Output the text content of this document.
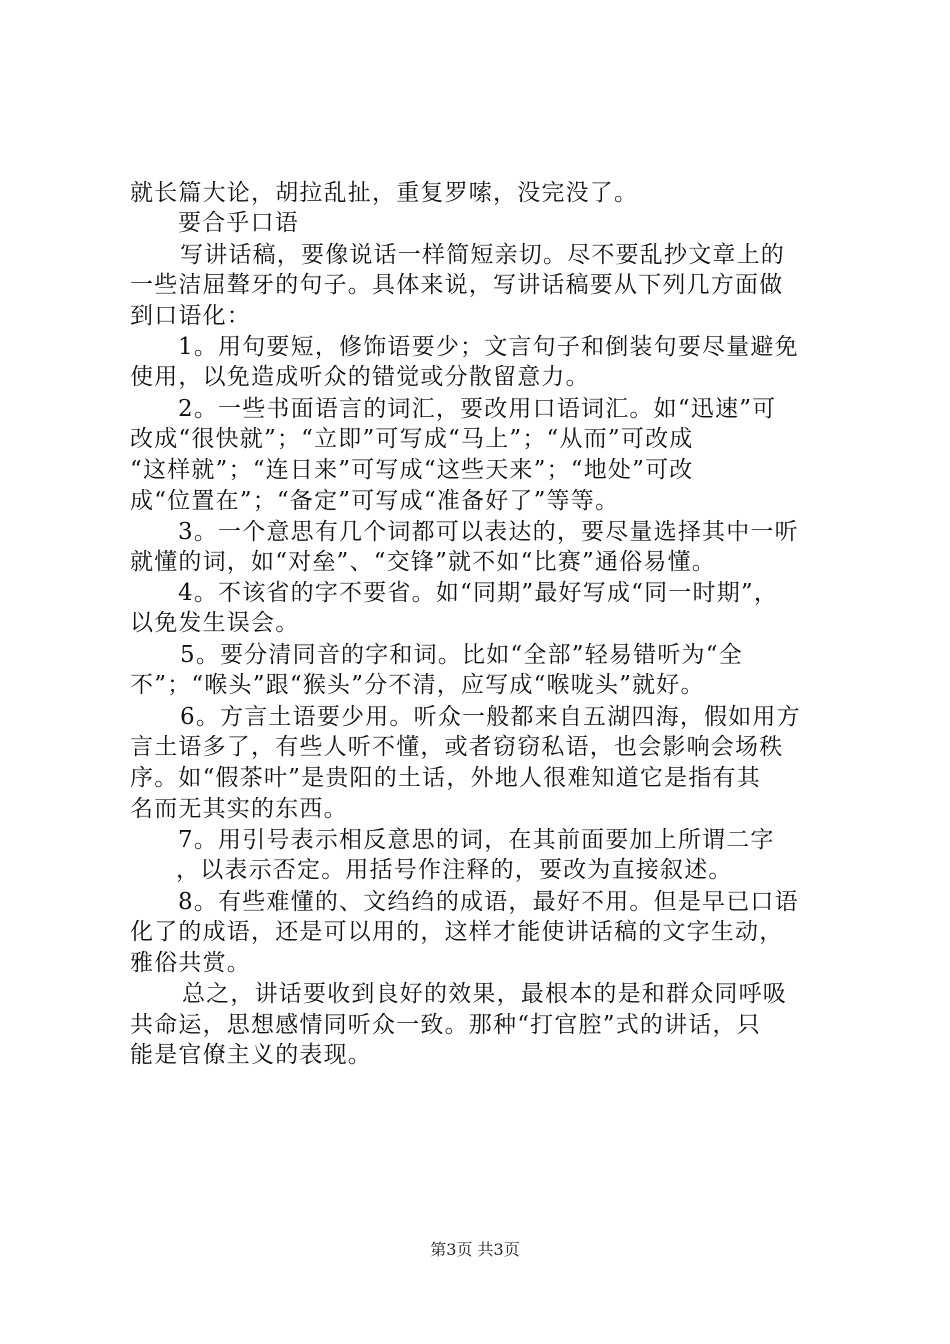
就长篇大论，胡拉乱扯，重复罗嗦，没完没了。
要合乎口语
写讲话稿，要像说话一样简短亲切。尽不要乱抄文章上的
一些洁屈聱牙的句子。具体来说，写讲话稿要从下列几方面做
到口语化：
1。用句要短，修饰语要少；文言句子和倒装句要尽量避免
使用，以免造成听众的错觉或分散留意力。
2。一些书面语言的词汇，要改用口语词汇。如“迅速”可
改成“很快就”；“立即”可写成“马上”；“从而”可改成
“这样就”；“连日来”可写成“这些天来”；“地处”可改
成“位置在”；“备定”可写成“准备好了”等等。
3。一个意思有几个词都可以表达的，要尽量选择其中一听
就懂的词，如“对垒”、“交锋”就不如“比赛”通俗易懂。
4。不该省的字不要省。如“同期”最好写成“同一时期”，
以免发生误会。
5。要分清同音的字和词。比如“全部”轻易错听为“全
不”；“喉头”跟“猴头”分不清，应写成“喉咙头”就好。
6。方言土语要少用。听众一般都来自五湖四海，假如用方
言土语多了，有些人听不懂，或者窃窃私语，也会影响会场秩
序。如“假茶叶”是贵阳的土话，外地人很难知道它是指有其
名而无其实的东西。
7。用引号表示相反意思的词，在其前面要加上所谓二字
，以表示否定。用括号作注释的，要改为直接叙述。
8。有些难懂的、文绉绉的成语，最好不用。但是早已口语
化了的成语，还是可以用的，这样才能使讲话稿的文字生动，
雅俗共赏。
总之，讲话要收到良好的效果，最根本的是和群众同呼吸
共命运，思想感情同听众一致。那种“打官腔”式的讲话，只
能是官僚主义的表现。
第3页 共3页
